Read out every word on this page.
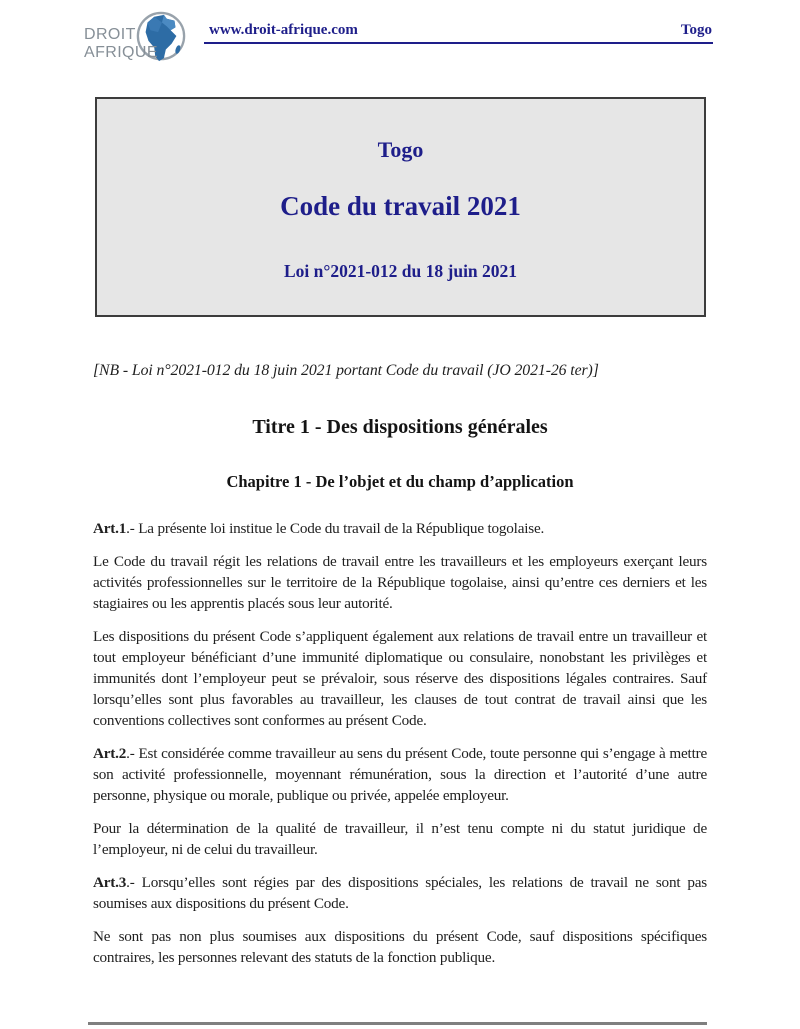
DROIT
AFRIQUE
www.droit-afrique.com	Togo
Togo
Code du travail 2021
Loi n°2021-012 du 18 juin 2021
[NB - Loi n°2021-012 du 18 juin 2021 portant Code du travail (JO 2021-26 ter)]
Titre 1 - Des dispositions générales
Chapitre 1 - De l’objet et du champ d’application

Art.1.- La présente loi institue le Code du travail de la République togolaise.

Le Code du travail régit les relations de travail entre les travailleurs et les employeurs exerçant leurs activités professionnelles sur le territoire de la République togolaise, ainsi qu’entre ces derniers et les stagiaires ou les apprentis placés sous leur autorité.

Les dispositions du présent Code s’appliquent également aux relations de travail entre un travailleur et tout employeur bénéficiant d’une immunité diplomatique ou consulaire, nonobstant les privilèges et immunités dont l’employeur peut se prévaloir, sous réserve des dispositions légales contraires. Sauf lorsqu’elles sont plus favorables au travailleur, les clauses de tout contrat de travail ainsi que les conventions collectives sont conformes au présent Code.

Art.2.- Est considérée comme travailleur au sens du présent Code, toute personne qui s’engage à mettre son activité professionnelle, moyennant rémunération, sous la direction et l’autorité d’une autre personne, physique ou morale, publique ou privée, appelée employeur.

Pour la détermination de la qualité de travailleur, il n’est tenu compte ni du statut juridique de l’employeur, ni de celui du travailleur.

Art.3.- Lorsqu’elles sont régies par des dispositions spéciales, les relations de travail ne sont pas soumises aux dispositions du présent Code.

Ne sont pas non plus soumises aux dispositions du présent Code, sauf dispositions spécifiques contraires, les personnes relevant des statuts de la fonction publique.
